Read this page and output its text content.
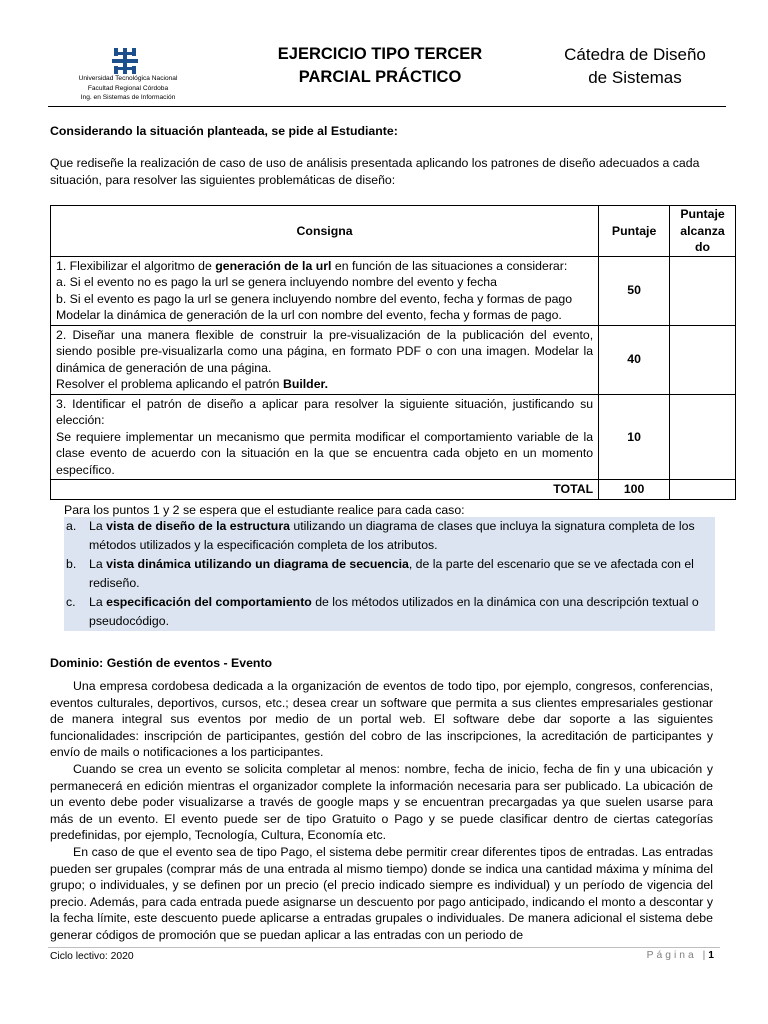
Universidad Tecnológica Nacional
Facultad Regional Córdoba
Ing. en Sistemas de Información
EJERCICIO TIPO TERCER
PARCIAL PRÁCTICO
Cátedra de Diseño
de Sistemas
Considerando la situación planteada, se pide al Estudiante:
Que rediseñe la realización de caso de uso de análisis presentada aplicando los patrones de diseño adecuados a cada situación, para resolver las siguientes problemáticas de diseño:
Consigna	Puntaje	Puntaje alcanza do

1. Flexibilizar el algoritmo de generación de la url en función de las situaciones a considerar:
a. Si el evento no es pago la url se genera incluyendo nombre del evento y fecha
b. Si el evento es pago la url se genera incluyendo nombre del evento, fecha y formas de pago
Modelar la dinámica de generación de la url con nombre del evento, fecha y formas de pago.	50	

2. Diseñar una manera flexible de construir la pre-visualización de la publicación del evento, siendo posible pre-visualizarla como una página, en formato PDF o con una imagen. Modelar la dinámica de generación de una página.
Resolver el problema aplicando el patrón Builder.	40	

3. Identificar el patrón de diseño a aplicar para resolver la siguiente situación, justificando su elección:
Se requiere implementar un mecanismo que permita modificar el comportamiento variable de la clase evento de acuerdo con la situación en la que se encuentra cada objeto en un momento específico.	10	
TOTAL	100	
Para los puntos 1 y 2 se espera que el estudiante realice para cada caso:
a. La vista de diseño de la estructura utilizando un diagrama de clases que incluya la signatura completa de los métodos utilizados y la especificación completa de los atributos.
b. La vista dinámica utilizando un diagrama de secuencia, de la parte del escenario que se ve afectada con el rediseño.
c. La especificación del comportamiento de los métodos utilizados en la dinámica con una descripción textual o pseudocódigo.
Dominio: Gestión de eventos - Evento

Una empresa cordobesa dedicada a la organización de eventos de todo tipo, por ejemplo, congresos, conferencias, eventos culturales, deportivos, cursos, etc.; desea crear un software que permita a sus clientes empresariales gestionar de manera integral sus eventos por medio de un portal web. El software debe dar soporte a las siguientes funcionalidades: inscripción de participantes, gestión del cobro de las inscripciones, la acreditación de participantes y envío de mails o notificaciones a los participantes.

Cuando se crea un evento se solicita completar al menos: nombre, fecha de inicio, fecha de fin y una ubicación y permanecerá en edición mientras el organizador complete la información necesaria para ser publicado. La ubicación de un evento debe poder visualizarse a través de google maps y se encuentran precargadas ya que suelen usarse para más de un evento. El evento puede ser de tipo Gratuito o Pago y se puede clasificar dentro de ciertas categorías predefinidas, por ejemplo, Tecnología, Cultura, Economía etc.

En caso de que el evento sea de tipo Pago, el sistema debe permitir crear diferentes tipos de entradas. Las entradas pueden ser grupales (comprar más de una entrada al mismo tiempo) donde se indica una cantidad máxima y mínima del grupo; o individuales, y se definen por un precio (el precio indicado siempre es individual) y un período de vigencia del precio. Además, para cada entrada puede asignarse un descuento por pago anticipado, indicando el monto a descontar y la fecha límite, este descuento puede aplicarse a entradas grupales o individuales. De manera adicional el sistema debe generar códigos de promoción que se puedan aplicar a las entradas con un periodo de

Ciclo lectivo: 2020	Página |1
